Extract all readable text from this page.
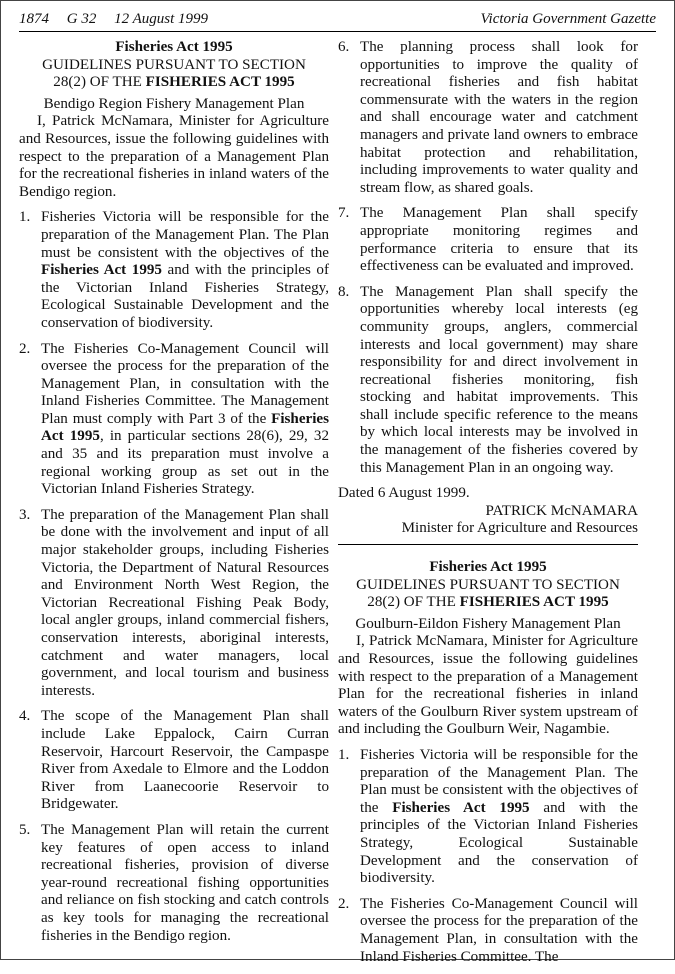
1874 G 32 12 August 1999	Victoria Government Gazette
Fisheries Act 1995
GUIDELINES PURSUANT TO SECTION
28(2) OF THE FISHERIES ACT 1995
Bendigo Region Fishery Management Plan

I, Patrick McNamara, Minister for Agriculture and Resources, issue the following guidelines with respect to the preparation of a Management Plan for the recreational fisheries in inland waters of the Bendigo region.

1. Fisheries Victoria will be responsible for the preparation of the Management Plan. The Plan must be consistent with the objectives of the Fisheries Act 1995 and with the principles of the Victorian Inland Fisheries Strategy, Ecological Sustainable Development and the conservation of biodiversity.
2. The Fisheries Co-Management Council will oversee the process for the preparation of the Management Plan, in consultation with the Inland Fisheries Committee. The Management Plan must comply with Part 3 of the Fisheries Act 1995, in particular sections 28(6), 29, 32 and 35 and its preparation must involve a regional working group as set out in the Victorian Inland Fisheries Strategy.
3. The preparation of the Management Plan shall be done with the involvement and input of all major stakeholder groups, including Fisheries Victoria, the Department of Natural Resources and Environment North West Region, the Victorian Recreational Fishing Peak Body, local angler groups, inland commercial fishers, conservation interests, aboriginal interests, catchment and water managers, local government, and local tourism and business interests.
4. The scope of the Management Plan shall include Lake Eppalock, Cairn Curran Reservoir, Harcourt Reservoir, the Campaspe River from Axedale to Elmore and the Loddon River from Laanecoorie Reservoir to Bridgewater.
5. The Management Plan will retain the current key features of open access to inland recreational fisheries, provision of diverse year-round recreational fishing opportunities and reliance on fish stocking and catch controls as key tools for managing the recreational fisheries in the Bendigo region.
6. The planning process shall look for opportunities to improve the quality of recreational fisheries and fish habitat commensurate with the waters in the region and shall encourage water and catchment managers and private land owners to embrace habitat protection and rehabilitation, including improvements to water quality and stream flow, as shared goals.
7. The Management Plan shall specify appropriate monitoring regimes and performance criteria to ensure that its effectiveness can be evaluated and improved.
8. The Management Plan shall specify the opportunities whereby local interests (eg community groups, anglers, commercial interests and local government) may share responsibility for and direct involvement in recreational fisheries monitoring, fish stocking and habitat improvements. This shall include specific reference to the means by which local interests may be involved in the management of the fisheries covered by this Management Plan in an ongoing way.

Dated 6 August 1999.

PATRICK McNAMARA

Minister for Agriculture and Resources

Fisheries Act 1995
GUIDELINES PURSUANT TO SECTION
28(2) OF THE FISHERIES ACT 1995
Goulburn-Eildon Fishery Management Plan

I, Patrick McNamara, Minister for Agriculture and Resources, issue the following guidelines with respect to the preparation of a Management Plan for the recreational fisheries in inland waters of the Goulburn River system upstream of and including the Goulburn Weir, Nagambie.

1. Fisheries Victoria will be responsible for the preparation of the Management Plan. The Plan must be consistent with the objectives of the Fisheries Act 1995 and with the principles of the Victorian Inland Fisheries Strategy, Ecological Sustainable Development and the conservation of biodiversity.
2. The Fisheries Co-Management Council will oversee the process for the preparation of the Management Plan, in consultation with the Inland Fisheries Committee. The
